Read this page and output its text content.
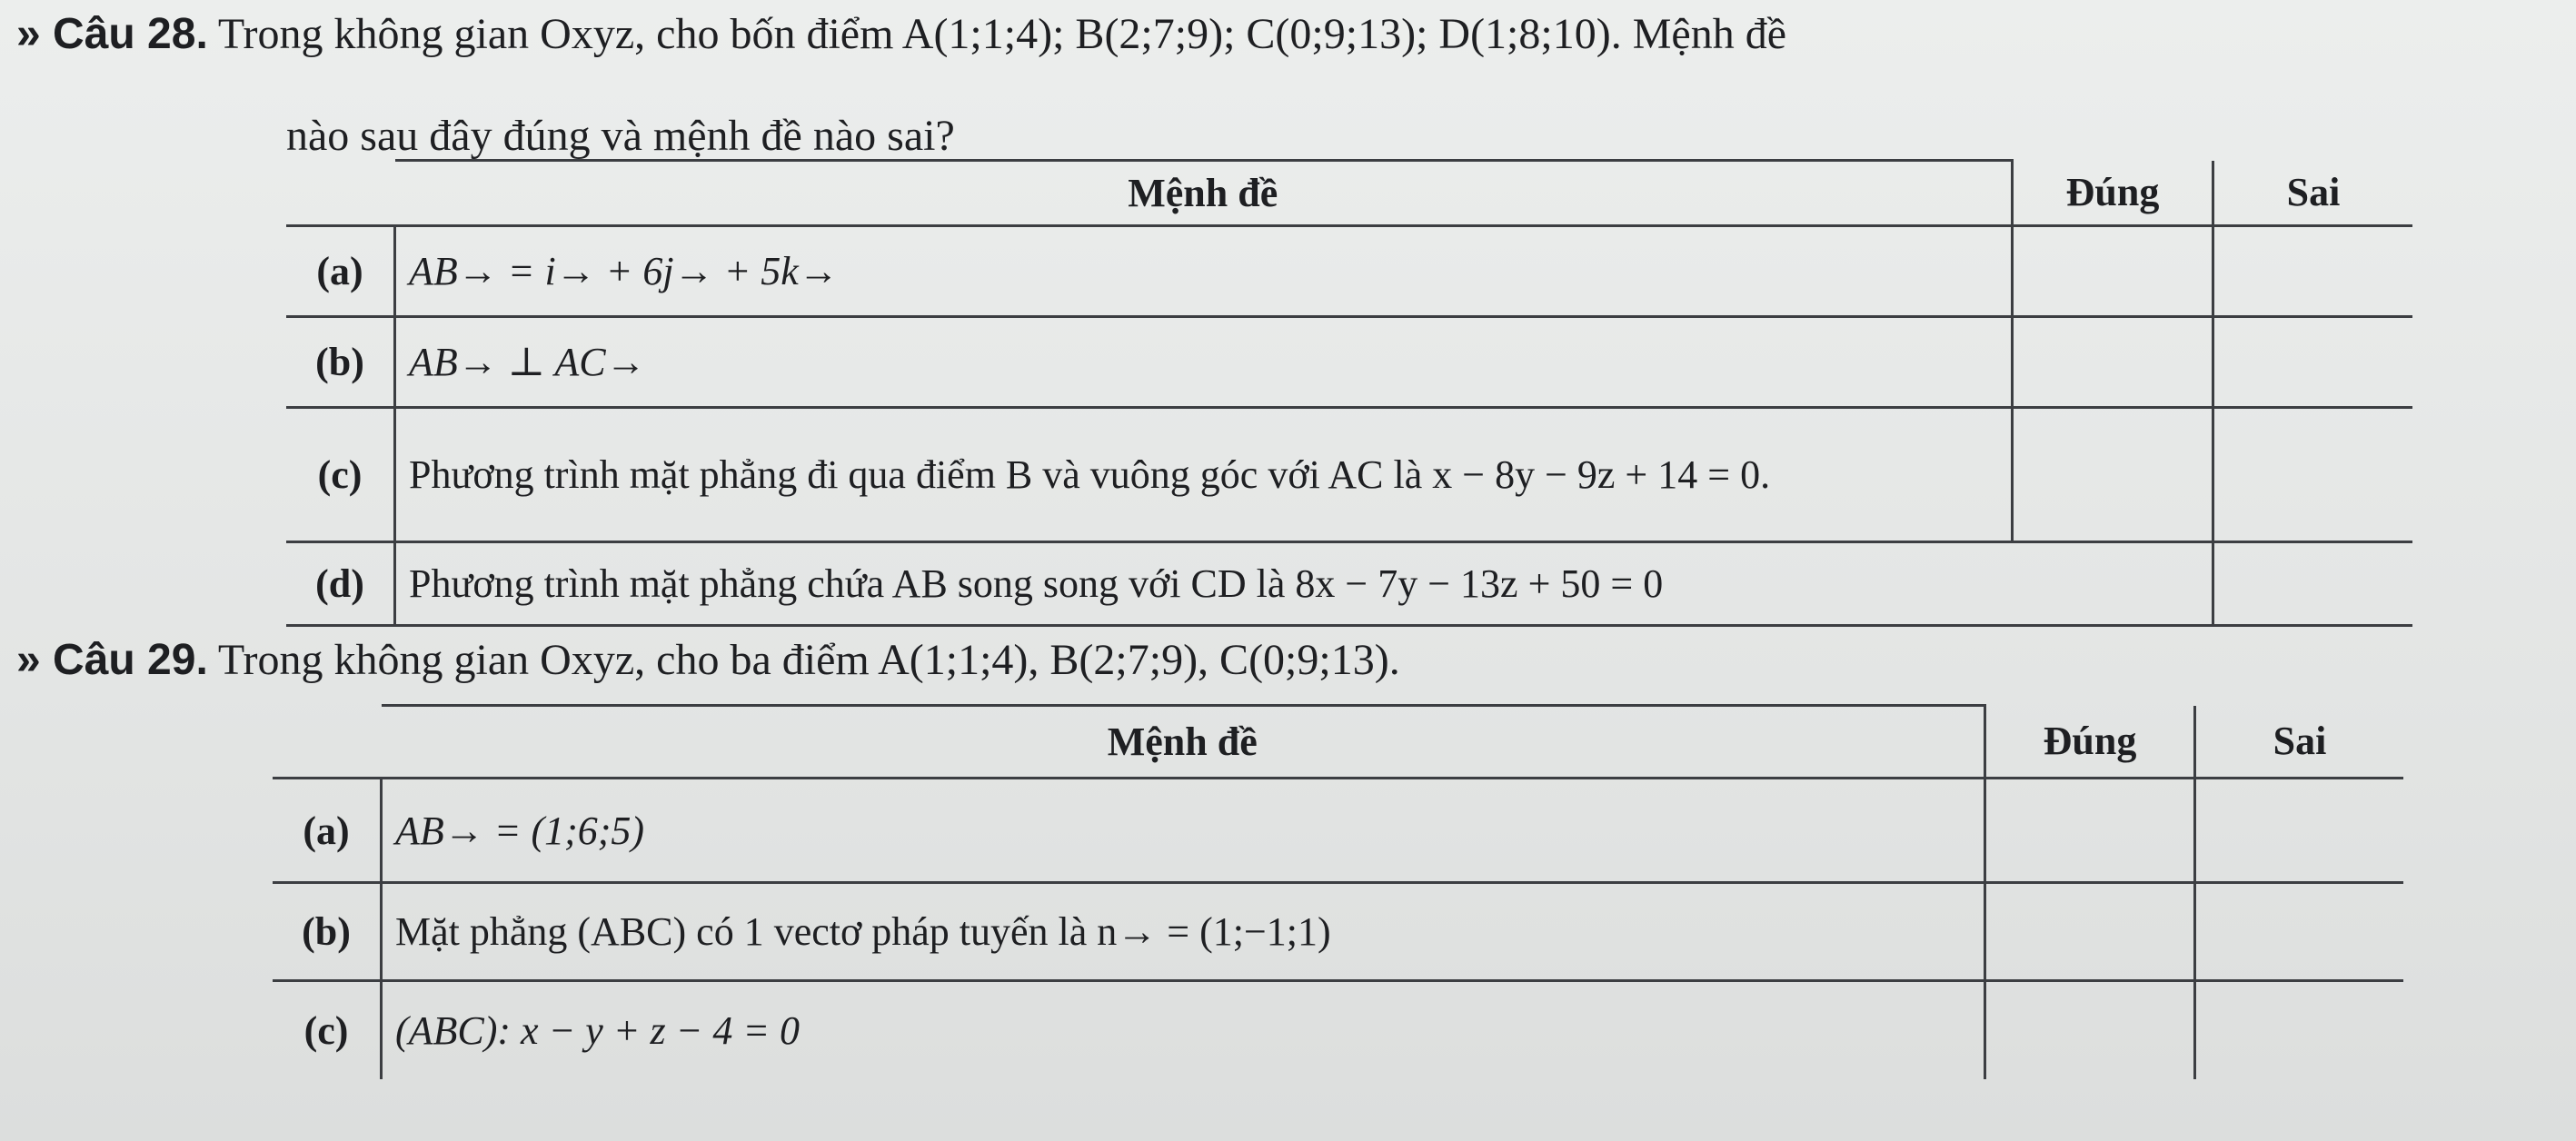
» Câu 28. Trong không gian Oxyz, cho bốn điểm A(1;1;4); B(2;7;9); C(0;9;13); D(1;8;10). Mệnh đề
nào sau đây đúng và mệnh đề nào sai?
	Mệnh đề	Đúng	Sai
(a)	AB→ = i→ + 6j→ + 5k→		
(b)	AB→ ⊥ AC→		
(c)	Phương trình mặt phẳng đi qua điểm B và vuông góc với AC là x − 8y − 9z + 14 = 0.		
(d)	Phương trình mặt phẳng chứa AB song song với CD là 8x − 7y − 13z + 50 = 0		
» Câu 29. Trong không gian Oxyz, cho ba điểm A(1;1;4), B(2;7;9), C(0;9;13).
	Mệnh đề	Đúng	Sai
(a)	AB→ = (1;6;5)		
(b)	Mặt phẳng (ABC) có 1 vectơ pháp tuyến là n→ = (1;−1;1)		
(c)	(ABC): x − y + z − 4 = 0		
